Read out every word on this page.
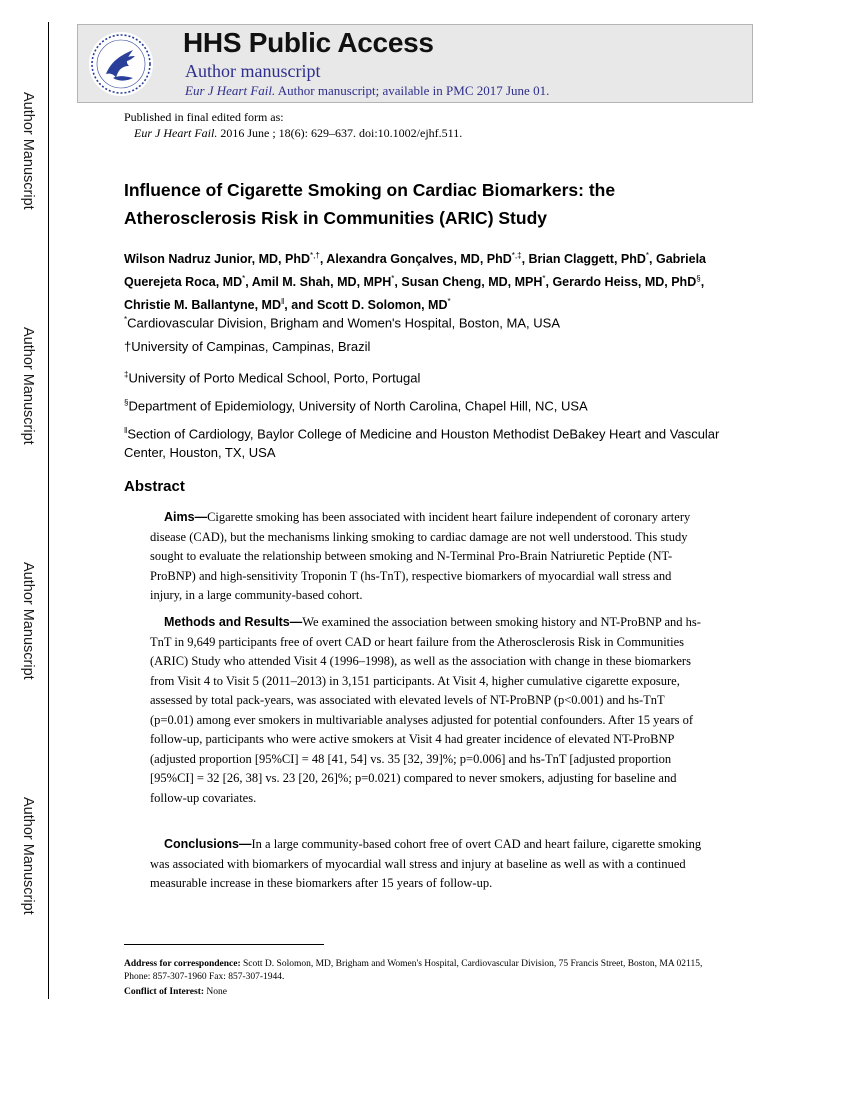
Author Manuscript
Author Manuscript
Author Manuscript
Author Manuscript
HHS Public Access
Author manuscript
Eur J Heart Fail. Author manuscript; available in PMC 2017 June 01.
Published in final edited form as:
Eur J Heart Fail. 2016 June ; 18(6): 629–637. doi:10.1002/ejhf.511.
Influence of Cigarette Smoking on Cardiac Biomarkers: the Atherosclerosis Risk in Communities (ARIC) Study
Wilson Nadruz Junior, MD, PhD*,†, Alexandra Gonçalves, MD, PhD*,‡, Brian Claggett, PhD*, Gabriela Querejeta Roca, MD*, Amil M. Shah, MD, MPH*, Susan Cheng, MD, MPH*, Gerardo Heiss, MD, PhD§, Christie M. Ballantyne, MD‖, and Scott D. Solomon, MD*
*Cardiovascular Division, Brigham and Women's Hospital, Boston, MA, USA
†University of Campinas, Campinas, Brazil
‡University of Porto Medical School, Porto, Portugal
§Department of Epidemiology, University of North Carolina, Chapel Hill, NC, USA
‖Section of Cardiology, Baylor College of Medicine and Houston Methodist DeBakey Heart and Vascular Center, Houston, TX, USA
Abstract
Aims—Cigarette smoking has been associated with incident heart failure independent of coronary artery disease (CAD), but the mechanisms linking smoking to cardiac damage are not well understood. This study sought to evaluate the relationship between smoking and N-Terminal Pro-Brain Natriuretic Peptide (NT-ProBNP) and high-sensitivity Troponin T (hs-TnT), respective biomarkers of myocardial wall stress and injury, in a large community-based cohort.
Methods and Results—We examined the association between smoking history and NT-ProBNP and hs-TnT in 9,649 participants free of overt CAD or heart failure from the Atherosclerosis Risk in Communities (ARIC) Study who attended Visit 4 (1996–1998), as well as the association with change in these biomarkers from Visit 4 to Visit 5 (2011–2013) in 3,151 participants. At Visit 4, higher cumulative cigarette exposure, assessed by total pack-years, was associated with elevated levels of NT-ProBNP (p<0.001) and hs-TnT (p=0.01) among ever smokers in multivariable analyses adjusted for potential confounders. After 15 years of follow-up, participants who were active smokers at Visit 4 had greater incidence of elevated NT-ProBNP (adjusted proportion [95%CI] = 48 [41, 54] vs. 35 [32, 39]%; p=0.006] and hs-TnT [adjusted proportion [95%CI] = 32 [26, 38] vs. 23 [20, 26]%; p=0.021) compared to never smokers, adjusting for baseline and follow-up covariates.
Conclusions—In a large community-based cohort free of overt CAD and heart failure, cigarette smoking was associated with biomarkers of myocardial wall stress and injury at baseline as well as with a continued measurable increase in these biomarkers after 15 years of follow-up.
Address for correspondence: Scott D. Solomon, MD, Brigham and Women's Hospital, Cardiovascular Division, 75 Francis Street, Boston, MA 02115, Phone: 857-307-1960 Fax: 857-307-1944.
Conflict of Interest: None
